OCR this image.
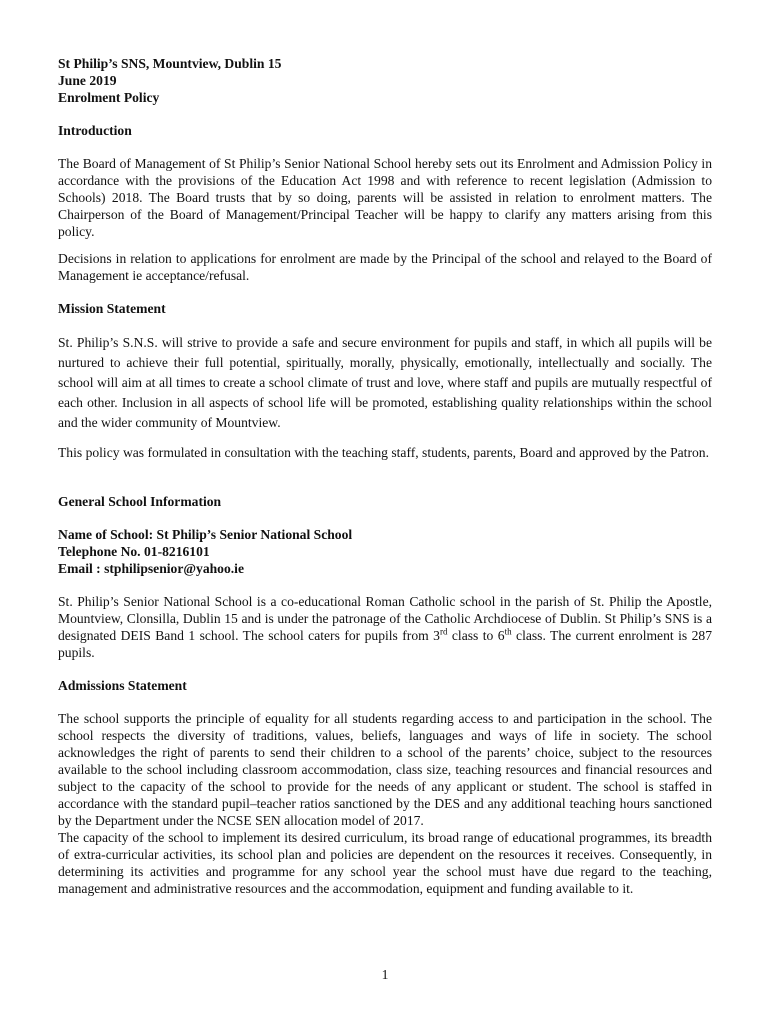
St Philip’s SNS, Mountview, Dublin 15
June 2019
Enrolment Policy
Introduction

The Board of Management of St Philip’s Senior National School hereby sets out its Enrolment and Admission Policy in accordance with the provisions of the Education Act 1998 and with reference to recent legislation (Admission to Schools) 2018. The Board trusts that by so doing, parents will be assisted in relation to enrolment matters. The Chairperson of the Board of Management/Principal Teacher will be happy to clarify any matters arising from this policy.

Decisions in relation to applications for enrolment are made by the Principal of the school and relayed to the Board of Management ie acceptance/refusal.

Mission Statement

St. Philip’s S.N.S. will strive to provide a safe and secure environment for pupils and staff, in which all pupils will be nurtured to achieve their full potential, spiritually, morally, physically, emotionally, intellectually and socially. The school will aim at all times to create a school climate of trust and love, where staff and pupils are mutually respectful of each other. Inclusion in all aspects of school life will be promoted, establishing quality relationships within the school and the wider community of Mountview.

This policy was formulated in consultation with the teaching staff, students, parents, Board and approved by the Patron.

General School Information
Name of School: St Philip’s Senior National School
Telephone No. 01-8216101
Email : stphilipsenior@yahoo.ie

St. Philip’s Senior National School is a co-educational Roman Catholic school in the parish of St. Philip the Apostle, Mountview, Clonsilla, Dublin 15 and is under the patronage of the Catholic Archdiocese of Dublin. St Philip’s SNS is a designated DEIS Band 1 school. The school caters for pupils from 3rd class to 6th class. The current enrolment is 287 pupils.

Admissions Statement

The school supports the principle of equality for all students regarding access to and participation in the school. The school respects the diversity of traditions, values, beliefs, languages and ways of life in society. The school acknowledges the right of parents to send their children to a school of the parents’ choice, subject to the resources available to the school including classroom accommodation, class size, teaching resources and financial resources and subject to the capacity of the school to provide for the needs of any applicant or student. The school is staffed in accordance with the standard pupil–teacher ratios sanctioned by the DES and any additional teaching hours sanctioned by the Department under the NCSE SEN allocation model of 2017.

The capacity of the school to implement its desired curriculum, its broad range of educational programmes, its breadth of extra-curricular activities, its school plan and policies are dependent on the resources it receives. Consequently, in determining its activities and programme for any school year the school must have due regard to the teaching, management and administrative resources and the accommodation, equipment and funding available to it.

1
